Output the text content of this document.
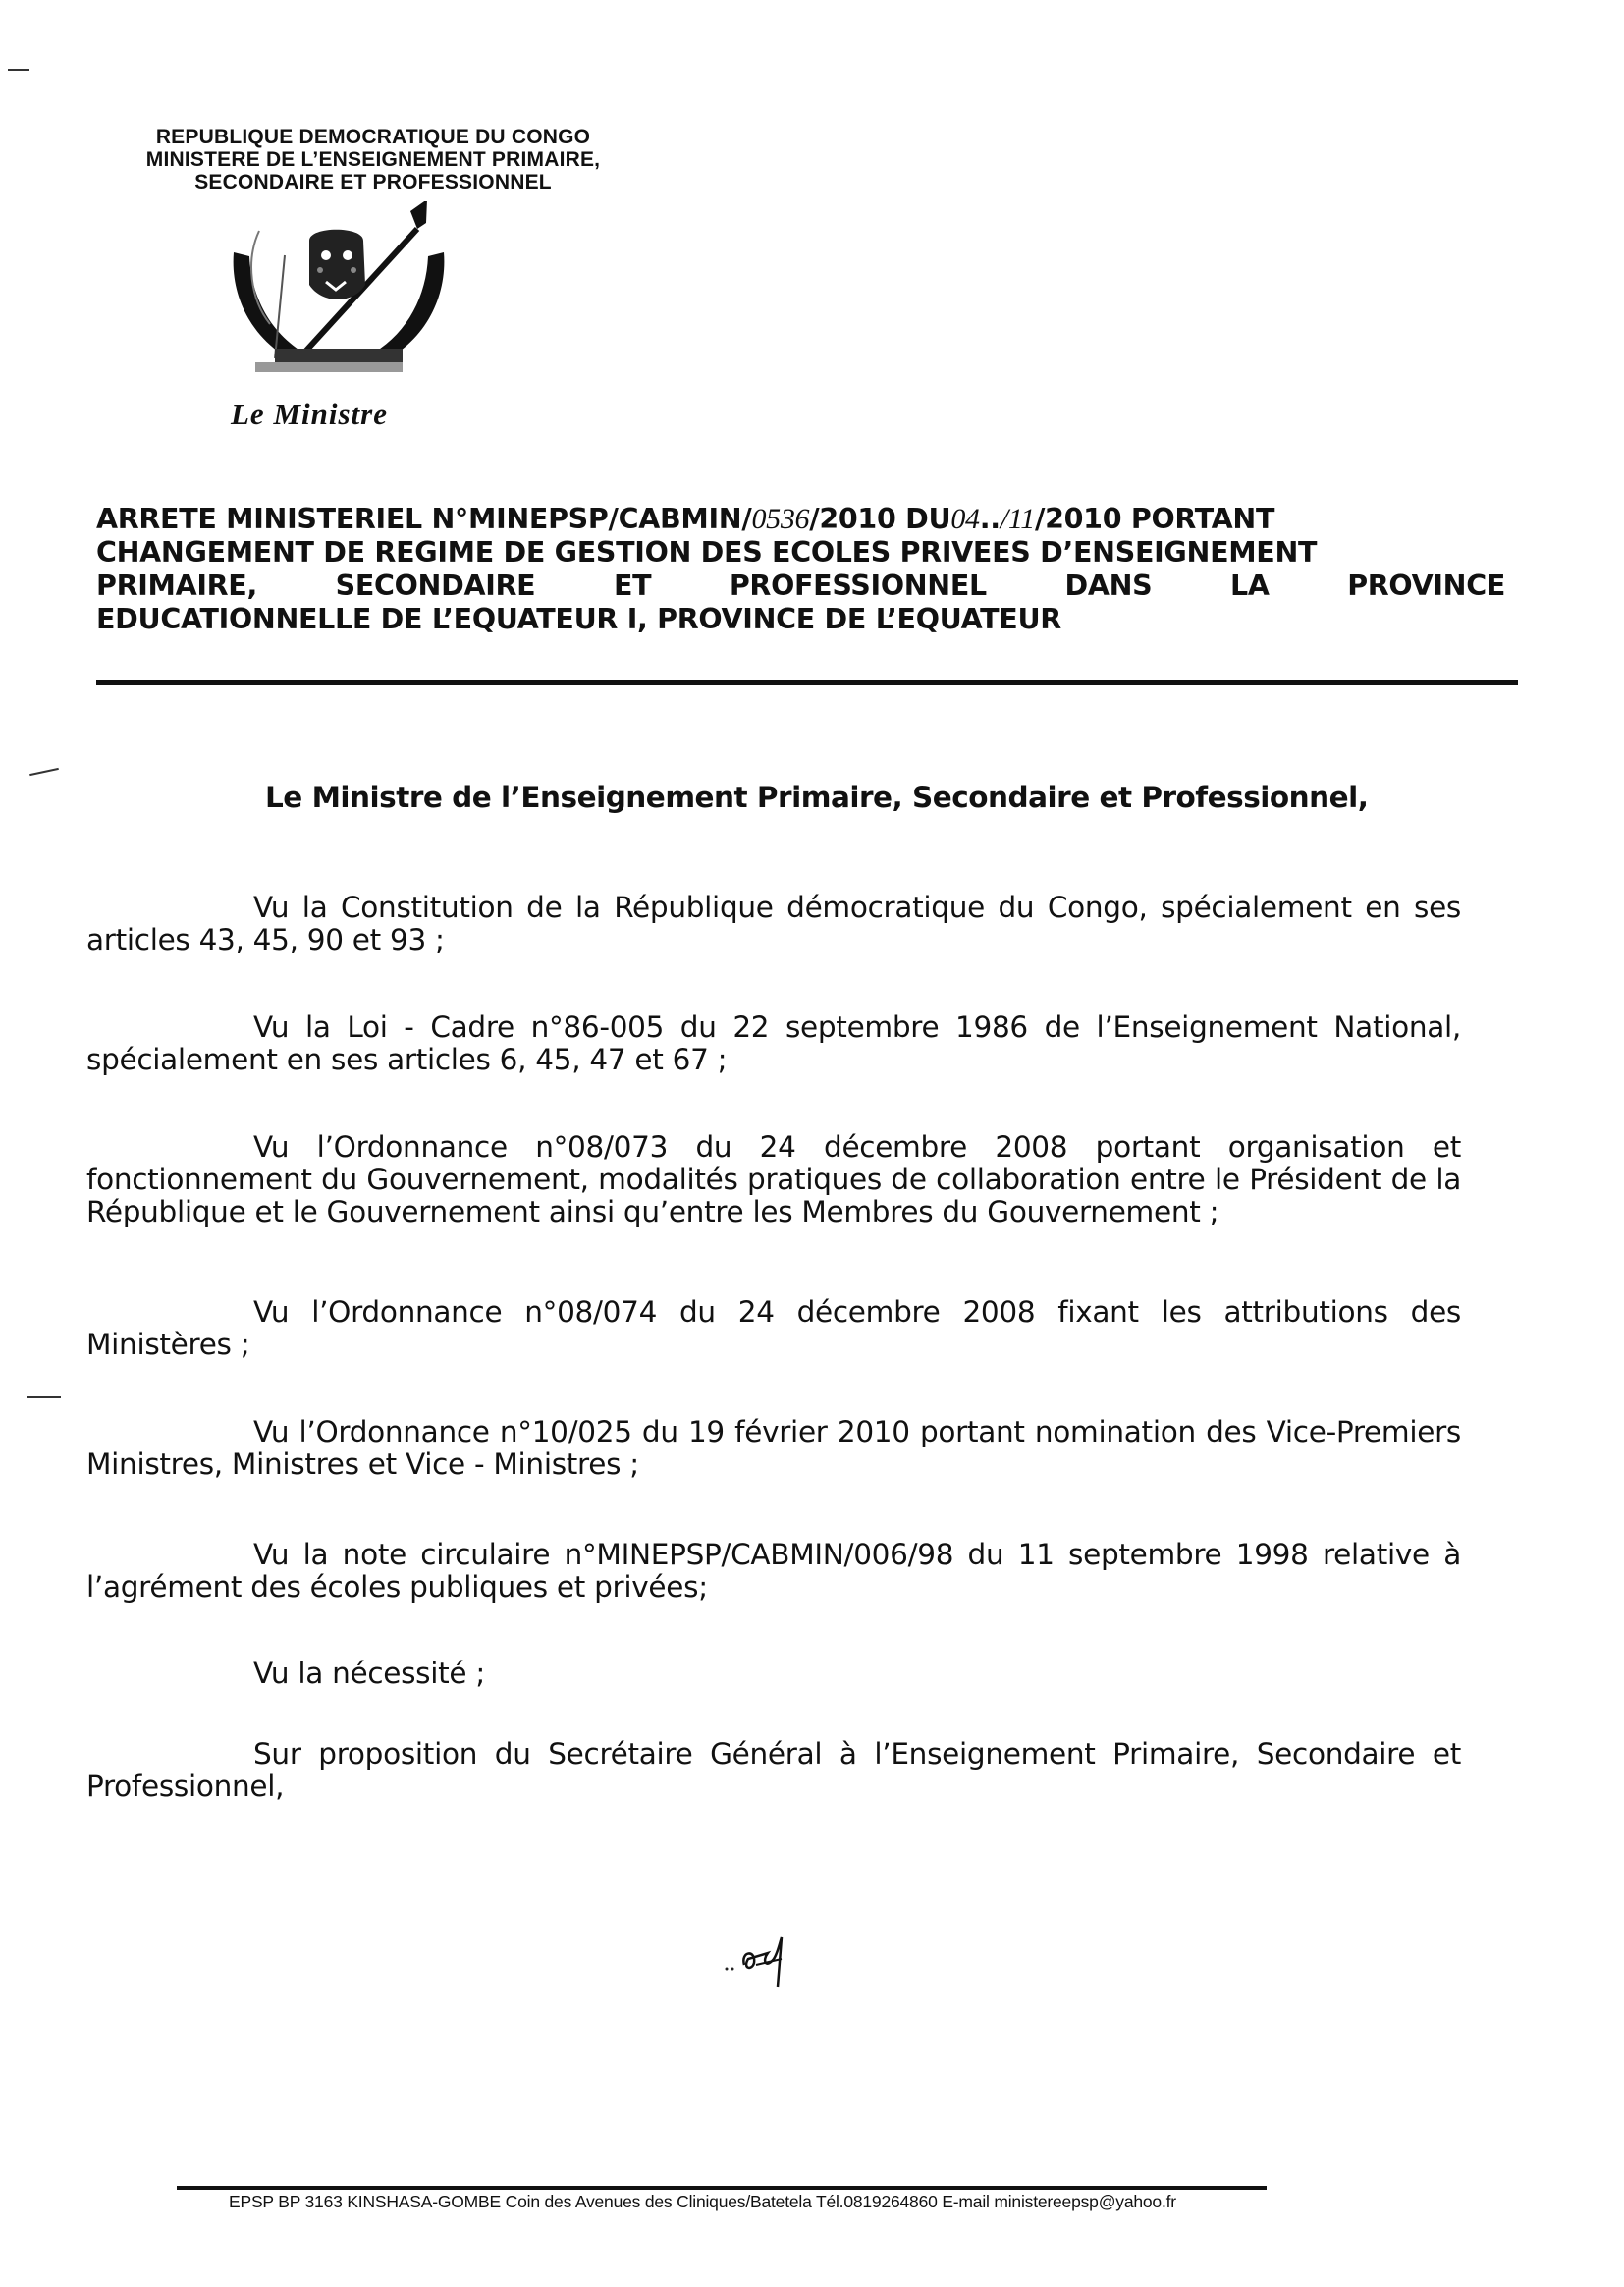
REPUBLIQUE DEMOCRATIQUE DU CONGO
MINISTERE DE L’ENSEIGNEMENT PRIMAIRE,
SECONDAIRE ET PROFESSIONNEL
Le Ministre
ARRETE MINISTERIEL N°MINEPSP/CABMIN/0536/2010 DU04../11/2010 PORTANT
CHANGEMENT DE REGIME DE GESTION DES ECOLES PRIVEES D’ENSEIGNEMENT
PRIMAIRE,	SECONDAIRE	ET	PROFESSIONNEL	DANS	LA	PROVINCE
EDUCATIONNELLE DE L’EQUATEUR I, PROVINCE DE L’EQUATEUR
Le Ministre de l’Enseignement Primaire, Secondaire et Professionnel,
Vu la Constitution de la République démocratique du Congo, spécialement en ses articles 43, 45, 90 et 93 ;
Vu la Loi - Cadre n°86-005 du 22 septembre 1986 de l’Enseignement National, spécialement en ses articles 6, 45, 47 et 67 ;
Vu l’Ordonnance n°08/073 du 24 décembre 2008 portant organisation et fonctionnement du Gouvernement, modalités pratiques de collaboration entre le Président de la République et le Gouvernement ainsi qu’entre les Membres du Gouvernement ;
Vu l’Ordonnance n°08/074 du 24 décembre 2008 fixant les attributions des Ministères ;
Vu l’Ordonnance n°10/025 du 19 février 2010 portant nomination des Vice-Premiers Ministres, Ministres et Vice - Ministres ;
Vu la note circulaire n°MINEPSP/CABMIN/006/98 du 11 septembre 1998 relative à l’agrément des écoles publiques et privées;
Vu la nécessité ;
Sur proposition du Secrétaire Général à l’Enseignement Primaire, Secondaire et Professionnel,
EPSP BP 3163 KINSHASA-GOMBE Coin des Avenues des Cliniques/Batetela Tél.0819264860 E-mail ministereepsp@yahoo.fr
